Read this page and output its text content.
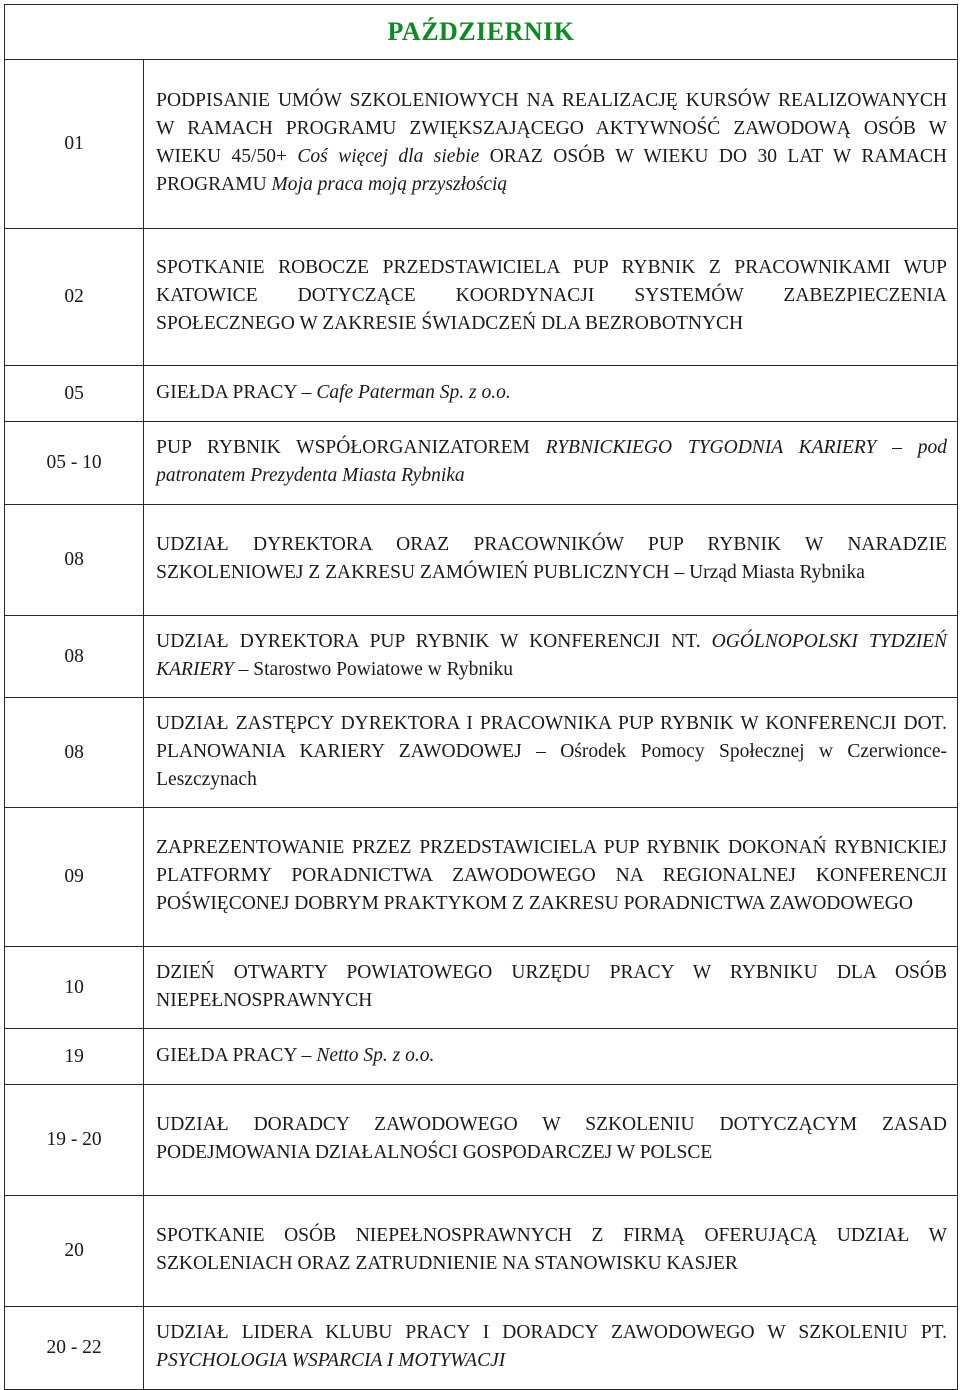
PAŹDZIERNIK	
01	PODPISANIE UMÓW SZKOLENIOWYCH NA REALIZACJĘ KURSÓW REALIZOWANYCH W RAMACH PROGRAMU ZWIĘKSZAJĄCEGO AKTYWNOŚĆ ZAWODOWĄ OSÓB W WIEKU 45/50+ Coś więcej dla siebie ORAZ OSÓB W WIEKU DO 30 LAT W RAMACH PROGRAMU Moja praca moją przyszłością
02	SPOTKANIE ROBOCZE PRZEDSTAWICIELA PUP RYBNIK Z PRACOWNIKAMI WUP KATOWICE DOTYCZĄCE KOORDYNACJI SYSTEMÓW ZABEZPIECZENIA SPOŁECZNEGO W ZAKRESIE ŚWIADCZEŃ DLA BEZROBOTNYCH
05	GIEŁDA PRACY – Cafe Paterman Sp. z o.o.
05 - 10	PUP RYBNIK WSPÓŁORGANIZATOREM RYBNICKIEGO TYGODNIA KARIERY – pod patronatem Prezydenta Miasta Rybnika
08	UDZIAŁ DYREKTORA ORAZ PRACOWNIKÓW PUP RYBNIK W NARADZIE SZKOLENIOWEJ Z ZAKRESU ZAMÓWIEŃ PUBLICZNYCH – Urząd Miasta Rybnika
08	UDZIAŁ DYREKTORA PUP RYBNIK W KONFERENCJI NT. OGÓLNOPOLSKI TYDZIEŃ KARIERY – Starostwo Powiatowe w Rybniku
08	UDZIAŁ ZASTĘPCY DYREKTORA I PRACOWNIKA PUP RYBNIK W KONFERENCJI DOT. PLANOWANIA KARIERY ZAWODOWEJ – Ośrodek Pomocy Społecznej w Czerwionce-Leszczynach
09	ZAPREZENTOWANIE PRZEZ PRZEDSTAWICIELA PUP RYBNIK DOKONAŃ RYBNICKIEJ PLATFORMY PORADNICTWA ZAWODOWEGO NA REGIONALNEJ KONFERENCJI POŚWIĘCONEJ DOBRYM PRAKTYKOM Z ZAKRESU PORADNICTWA ZAWODOWEGO
10	DZIEŃ OTWARTY POWIATOWEGO URZĘDU PRACY W RYBNIKU DLA OSÓB NIEPEŁNOSPRAWNYCH
19	GIEŁDA PRACY – Netto Sp. z o.o.
19 - 20	UDZIAŁ DORADCY ZAWODOWEGO W SZKOLENIU DOTYCZĄCYM ZASAD PODEJMOWANIA DZIAŁALNOŚCI GOSPODARCZEJ W POLSCE
20	SPOTKANIE OSÓB NIEPEŁNOSPRAWNYCH Z FIRMĄ OFERUJĄCĄ UDZIAŁ W SZKOLENIACH ORAZ ZATRUDNIENIE NA STANOWISKU KASJER
20 - 22	UDZIAŁ LIDERA KLUBU PRACY I DORADCY ZAWODOWEGO W SZKOLENIU PT. PSYCHOLOGIA WSPARCIA I MOTYWACJI
